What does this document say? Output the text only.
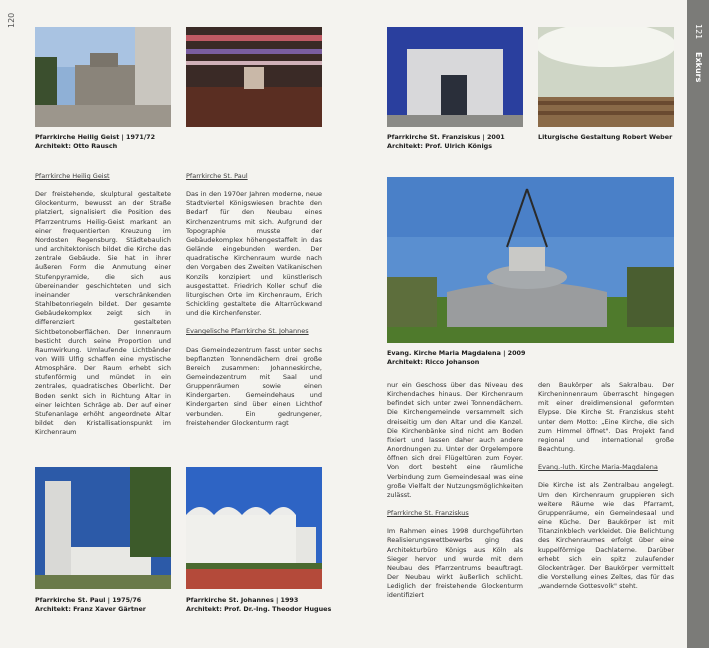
120
121
Exkurs
Pfarrkirche Heilig Geist | 1971/72
Architekt: Otto Rausch
Pfarrkirche St. Franziskus | 2001
Architekt: Prof. Ulrich Königs
Liturgische Gestaltung Robert Weber

Pfarrkirche Heilig Geist

Der freistehende, skulptural gestaltete Glockenturm, bewusst an der Straße platziert, signalisiert die Position des Pfarrzentrums Heilig-Geist markant an einer frequentierten Kreuzung im Nordosten Regensburg. Städtebaulich und architektonisch bildet die Kirche das zentrale Gebäude. Sie hat in ihrer äußeren Form die Anmutung einer Stufenpyramide, die sich aus übereinander geschichteten und sich ineinander verschränkenden Stahlbetonriegeln bildet. Der gesamte Gebäudekomplex zeigt sich in differenziert gestalteten Sichtbetonoberflächen. Der Innenraum besticht durch seine Proportion und Raumwirkung. Umlaufende Lichtbänder von Willi Ulfig schaffen eine mystische Atmosphäre. Der Raum erhebt sich stufenförmig und mündet in ein zentrales, quadratisches Oberlicht. Der Boden senkt sich in Richtung Altar in einer leichten Schräge ab. Der auf einer Stufenanlage erhöht angeordnete Altar bildet den Kristallisationspunkt im Kirchenraum

Pfarrkirche St. Paul

Das in den 1970er Jahren moderne, neue Stadtviertel Königswiesen brachte den Bedarf für den Neubau eines Kirchenzentrums mit sich. Aufgrund der Topographie musste der Gebäudekomplex höhengestaffelt in das Gelände eingebunden werden. Der quadratische Kirchenraum wurde nach den Vorgaben des Zweiten Vatikanischen Konzils konzipiert und künstlerisch ausgestattet. Friedrich Koller schuf die liturgischen Orte im Kirchenraum, Erich Schickling gestaltete die Altarrückwand und die Kirchenfenster.

Evangelische Pfarrkirche St. Johannes

Das Gemeindezentrum fasst unter sechs bepflanzten Tonnendächern drei große Bereich zusammen: Johanneskirche, Gemeindezentrum mit Saal und Gruppenräumen sowie einen Kindergarten. Gemeindehaus und Kindergarten sind über einen Lichthof verbunden. Ein gedrungener, freistehender Glockenturm ragt

Evang. Kirche Maria Magdalena | 2009
Architekt: Ricco Johanson

nur ein Geschoss über das Niveau des Kirchendaches hinaus. Der Kirchenraum befindet sich unter zwei Tonnendächern. Die Kirchengemeinde versammelt sich dreiseitig um den Altar und die Kanzel. Die Kirchenbänke sind nicht am Boden fixiert und lassen daher auch andere Anordnungen zu. Unter der Orgelempore öffnen sich drei Flügeltüren zum Foyer. Von dort besteht eine räumliche Verbindung zum Gemeindesaal was eine große Vielfalt der Nutzungsmöglichkeiten zulässt.

Pfarrkirche St. Franziskus

Im Rahmen eines 1998 durchgeführten Realisierungswettbewerbs ging das Architekturbüro Königs aus Köln als Sieger hervor und wurde mit dem Neubau des Pfarrzentrums beauftragt. Der Neubau wirkt äußerlich schlicht. Lediglich der freistehende Glockenturm identifiziert

den Baukörper als Sakralbau. Der Kircheninnenraum überrascht hingegen mit einer dreidimensional geformten Elypse. Die Kirche St. Franziskus steht unter dem Motto: „Eine Kirche, die sich zum Himmel öffnet". Das Projekt fand regional und international große Beachtung.

Evang.-luth. Kirche Maria-Magdalena

Die Kirche ist als Zentralbau angelegt. Um den Kirchenraum gruppieren sich weitere Räume wie das Pfarramt, Gruppenräume, ein Gemeindesaal und eine Küche. Der Baukörper ist mit Titanzinkblech verkleidet. Die Belichtung des Kirchenraumes erfolgt über eine kuppelförmige Dachlaterne. Darüber erhebt sich ein spitz zulaufender Glockenträger. Der Baukörper vermittelt die Vorstellung eines Zeltes, das für das „wandernde Gottesvolk" steht.

Pfarrkirche St. Paul | 1975/76
Architekt: Franz Xaver Gärtner
Pfarrkirche St. Johannes | 1993
Architekt: Prof. Dr.-Ing. Theodor Hugues
